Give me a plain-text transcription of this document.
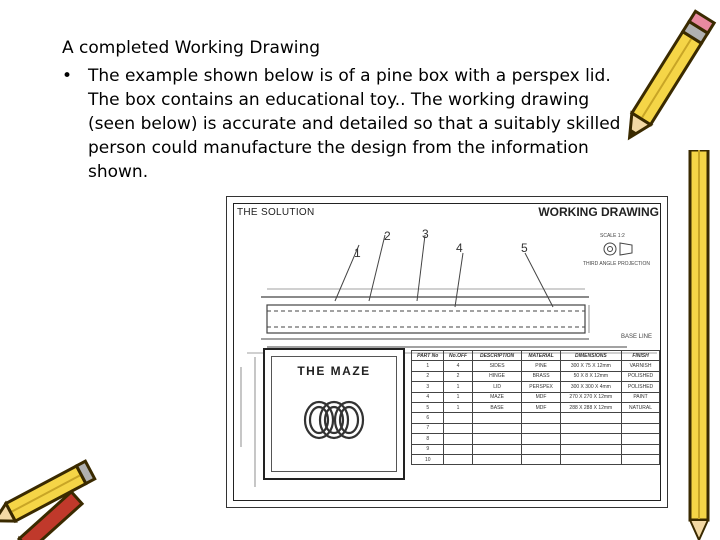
A completed Working Drawing
• The example shown below is of a pine box with a perspex lid. The box contains an educational toy.. The working drawing (seen below) is accurate and detailed so that a suitably skilled person could manufacture the design from the information shown.
THE SOLUTION	WORKING DRAWING
1
2	3
4	5
SCALE 1:2
THIRD ANGLE PROJECTION
BASE LINE
THE MAZE
PART No	No.OFF	DESCRIPTION	MATERIAL	DIMENSIONS	FINISH
1	4	SIDES	PINE	300 X 75 X 12mm	VARNISH
2	2	HINGE	BRASS	50 X 8 X 12mm	POLISHED
3	1	LID	PERSPEX	300 X 300 X 4mm	POLISHED
4	1	MAZE	MDF	270 X 270 X 12mm	PAINT
5	1	BASE	MDF	288 X 288 X 12mm	NATURAL
6					
7					
8					
9					
10					
